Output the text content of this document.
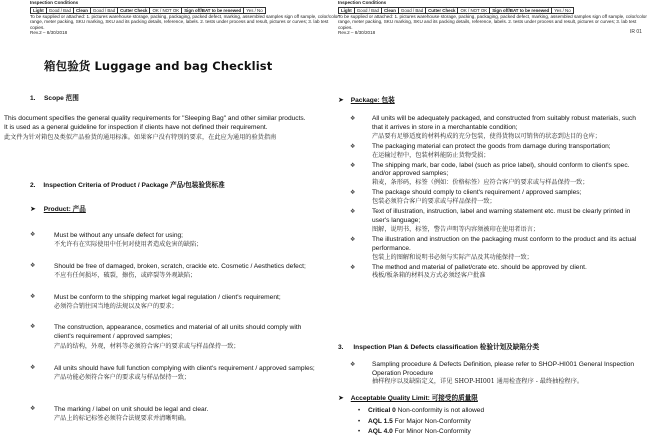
Inspection Conditions
Light	Good / Bad	Clean	Good / Bad	Cutter Check	OK / NOT OK	Sign off/BAT to be renewed	Yes / No
To be supplied or attached: 1. pictures warehouse storage, packing, packaging, packed defect, marking, assembled samples sign off sample, color/color range, meter packing, SKU marking, SKU and its packing details, reference, labels. 2. tests under process and result, pictures or curves; 3. lab test copies.
Rev.2 – 8/30/2018
Inspection Conditions
Light	Good / Bad	Clean	Good / Bad	Cutter Check	OK / NOT OK	Sign off/BAT to be renewed	Yes / No
To be supplied or attached: 1. pictures warehouse storage, packing, packaging, packed defect, marking, assembled samples sign off sample, color/color range, meter packing, SKU marking, SKU and its packing details, reference, labels. 2. tests under process and result, pictures or curves; 3. lab test copies.
Rev.2 – 8/30/2018	IR 01
箱包验货 Luggage and bag Checklist
1. Scope 范围
This document specifies the general quality requirements for "Sleeping Bag" and other similar products. It is used as a general guideline for inspection if clients have not defined their requirement.
此文件为针对箱包及类似产品验货的通用标准。如果客户没有特别的要求，在此应为通用的验货指南
2. Inspection Criteria of Product / Package 产品/包装验货标准
➤ Product: 产品
❖	Must be without any unsafe defect for using;
不允许有在实际使用中任何对使用者造成危害的缺陷；
❖	Should be free of damaged, broken, scratch, crackle etc. Cosmetic / Aesthetics defect;
不应有任何损坏，破裂，擦伤，或碎裂等外观缺陷；
❖	Must be conform to the shipping market legal regulation / client's requirement;
必须符合销往国当地的法规以及客户的要求；
❖	The construction, appearance, cosmetics and material of all units should comply with client's requirement / approved samples;
产品的结构，外观，材料等必须符合客户的要求或与样品保持一致；
❖	All units should have full function complying with client's requirement / approved samples;
产品功能必须符合客户的要求或与样品保持一致；
❖	The marking / label on unit should be legal and clear.
产品上的标记标签必须符合法规要求并清晰明确。
➤ Package: 包装
❖	All units will be adequately packaged, and constructed from suitably robust materials, such that it arrives in store in a merchantable condition;
产品要有足够适度的材料构成的充分包装，使得货物以可销售的状态到达目的仓库；
❖	The packaging material can protect the goods from damage during transportation;
在运输过程中，包装材料能防止货物受损；
❖	The shipping mark, bar code, label (such as price label), should conform to client's spec. and/or approved samples;
箱麦，条形码，标签（例如：价格标签）应符合客户的要求或与样品保持一致；
❖	The package should comply to client's requirement / approved samples;
包装必须符合客户的要求或与样品保持一致；
❖	Text of illustration, instruction, label and warning statement etc. must be clearly printed in user's language;
图解，说明书，标签，警告声明等内容须被印在使用者语言；
❖	The illustration and instruction on the packaging must conform to the product and its actual performance.
包装上的图解和说明书必须与实际产品及其功能保持一致；
❖	The method and material of pallet/crate etc. should be approved by client.
栈板/板条箱的材料及方式必须经客户批准
3. Inspection Plan & Defects classification 检验计划及缺陷分类
❖	Sampling procedure & Defects Definition, please refer to SHOP-HI001 General Inspection Operation Procedure
抽样程序以及缺陷定义，详见 SHOP-HI001 通用检查程序 - 最终抽检程序。
➤ Acceptable Quality Limit: 可接受的质量限
• Critical 0 Non-conformity is not allowed
• AQL 1.5 For Major Non-Conformity
• AQL 4.0 For Minor Non-Conformity
